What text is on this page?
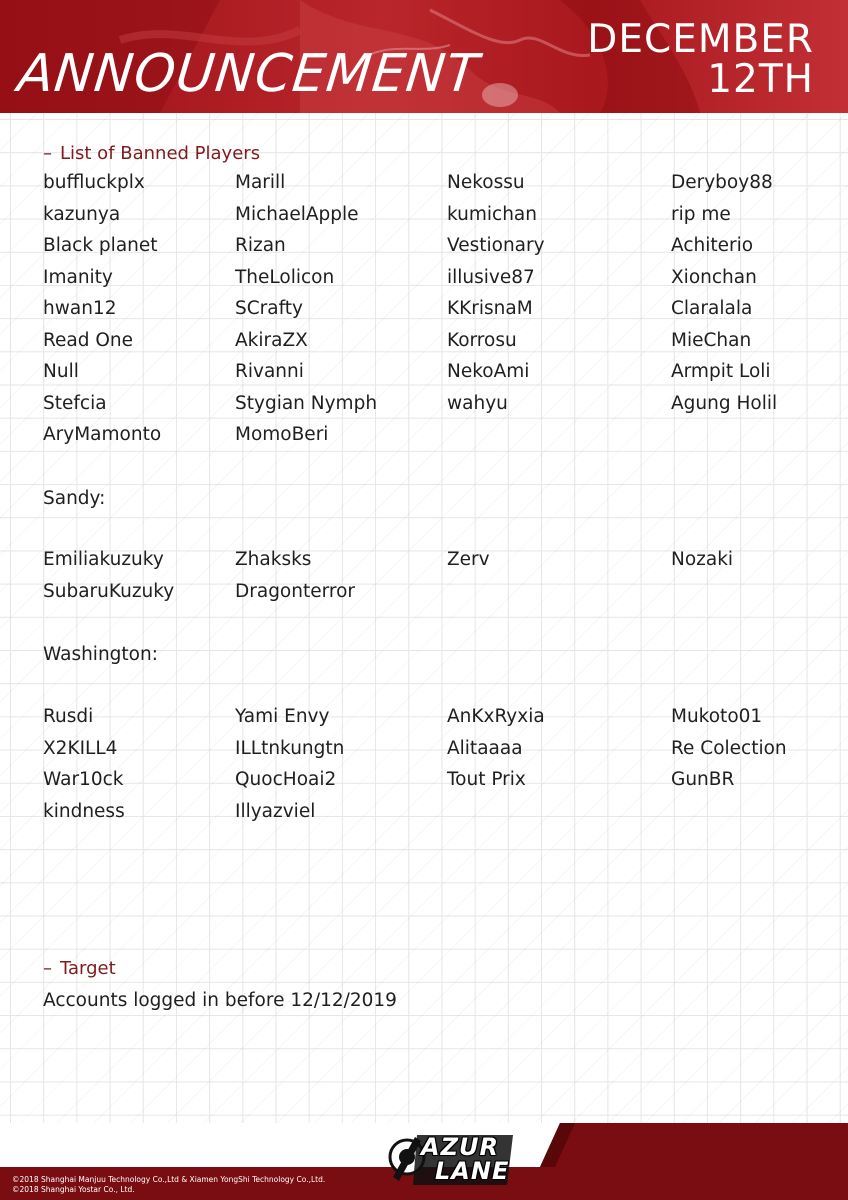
ANNOUNCEMENT
DECEMBER
12TH
– List of Banned Players
buffluckplx	Marill	Nekossu	Deryboy88
kazunya	MichaelApple	kumichan	rip me
Black planet	Rizan	Vestionary	Achiterio
Imanity	TheLolicon	illusive87	Xionchan
hwan12	SCrafty	KKrisnaM	Claralala
Read One	AkiraZX	Korrosu	MieChan
Null	Rivanni	NekoAmi	Armpit Loli
Stefcia	Stygian Nymph	wahyu	Agung Holil
AryMamonto	MomoBeri
Sandy:
Emiliakuzuky	Zhaksks	Zerv	Nozaki
SubaruKuzuky	Dragonterror
Washington:
Rusdi	Yami Envy	AnKxRyxia	Mukoto01
X2KILL4	ILLtnkungtn	Alitaaaa	Re Colection
War10ck	QuocHoai2	Tout Prix	GunBR
kindness	Illyazviel
– Target

Accounts logged in before 12/12/2019

©2018 Shanghai Manjuu Technology Co.,Ltd & Xiamen YongShi Technology Co.,Ltd.
©2018 Shanghai Yostar Co., Ltd.
AZUR
LANE
